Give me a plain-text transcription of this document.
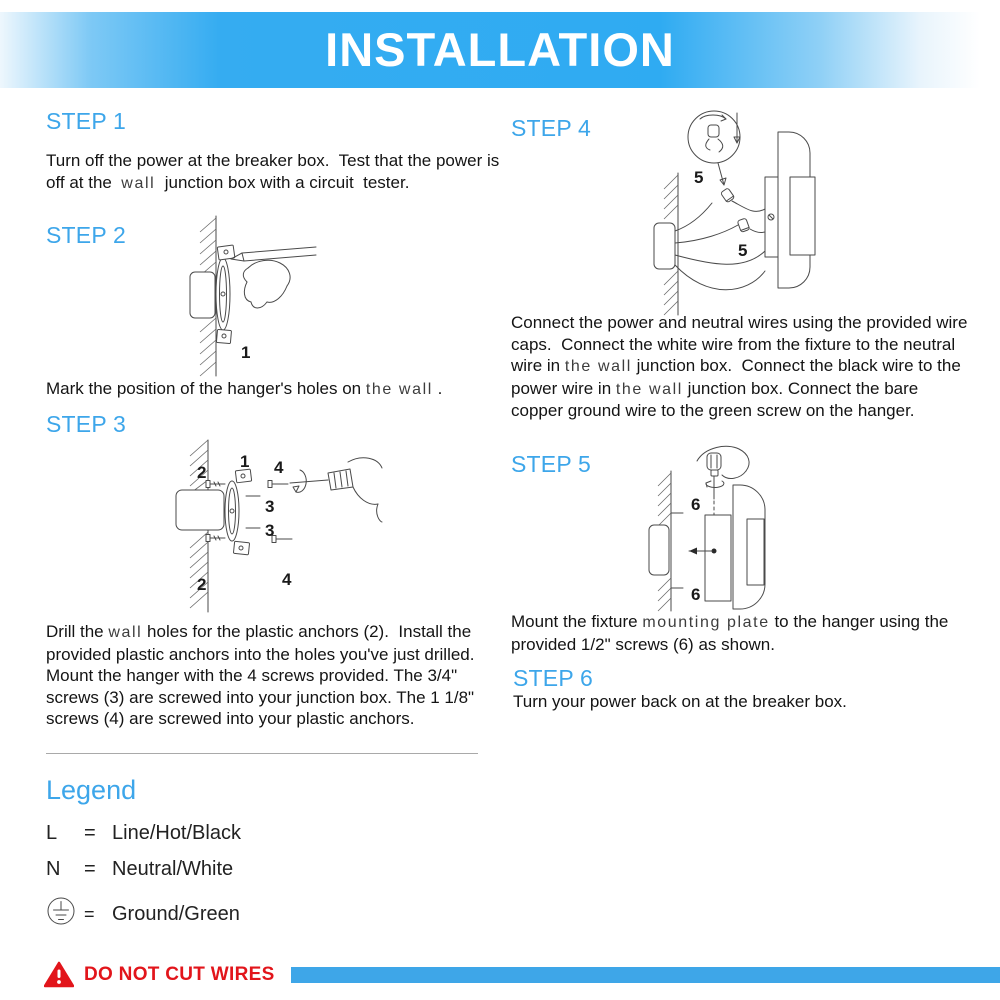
INSTALLATION
STEP 1
Turn off the power at the breaker box.  Test that the power is off at the  wall  junction box with a circuit  tester.
STEP 2
1
Mark the position of the hanger's holes on the wall .
STEP 3
1
2
2
3
3
4
4
Drill the wall holes for the plastic anchors (2).  Install the provided plastic anchors into the holes you've just drilled.  Mount the hanger with the 4 screws provided. The 3/4" screws (3) are screwed into your junction box. The 1 1/8" screws (4) are screwed into your plastic anchors.
Legend
L	= Line/Hot/Black
N	= Neutral/White
= Ground/Green
STEP 4
5
5
Connect the power and neutral wires using the provided wire caps.  Connect the white wire from the fixture to the neutral wire in the wall junction box.  Connect the black wire to the power wire in the wall junction box. Connect the bare copper ground wire to the green screw on the hanger.
STEP 5
6
6
Mount the fixture mounting plate to the hanger using the provided 1/2" screws (6) as shown.
STEP 6
Turn your power back on at the breaker box.
DO NOT CUT WIRES
